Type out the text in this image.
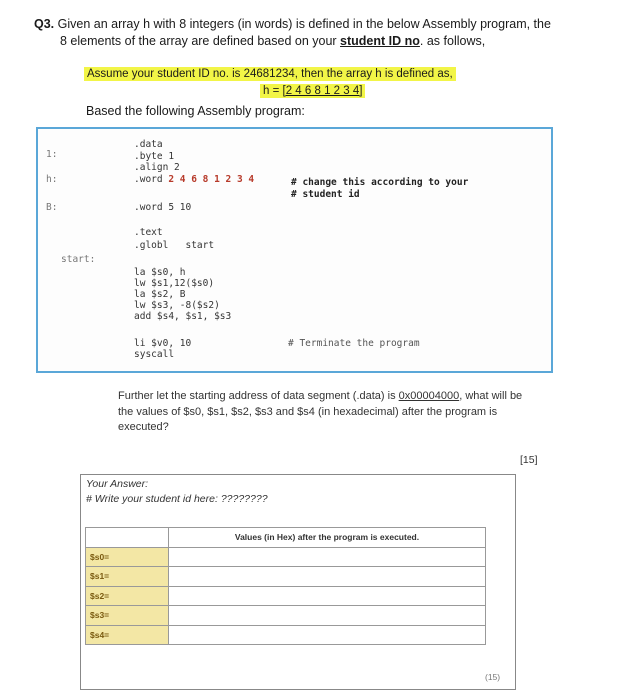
Q3. Given an array h with 8 integers (in words) is defined in the below Assembly program, the
8 elements of the array are defined based on your student ID no. as follows,
Assume your student ID no. is 24681234, then the array h is defined as,
h = [2 4 6 8 1 2 3 4]
Based the following Assembly program:
1:
.data
.byte 1
.align 2
h:	.word 2 4 6 8 1 2 3 4	# change this according to your
# student id
B:	.word 5 10
.text
.globl   start
start:
la $s0, h
lw $s1,12($s0)
la $s2, B
lw $s3, -8($s2)
add $s4, $s1, $s3
li $v0, 10	# Terminate the program
syscall
Further let the starting address of data segment (.data) is 0x00004000, what will be the values of $s0, $s1, $s2, $s3 and $s4 (in hexadecimal) after the program is executed?
[15]
Your Answer:
# Write your student id here: ????????
	Values (in Hex) after the program is executed.
$s0=	
$s1=	
$s2=	
$s3=	
$s4=	
(15)
